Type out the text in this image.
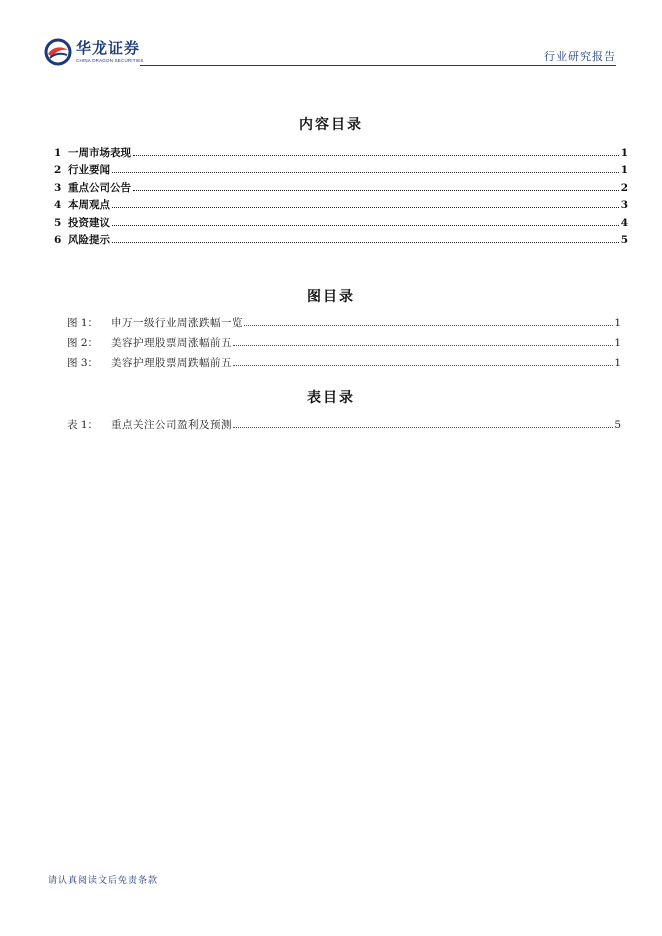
华龙证券
CHINA DRAGON SECURITIES	行业研究报告
内容目录
1 一周市场表现	1
2 行业要闻	1
3 重点公司公告	2
4 本周观点	3
5 投资建议	4
6 风险提示	5
图目录
图 1：	申万一级行业周涨跌幅一览	1
图 2：	美容护理股票周涨幅前五	1
图 3：	美容护理股票周跌幅前五	1
表目录
表 1：	重点关注公司盈利及预测	5
请认真阅读文后免责条款
